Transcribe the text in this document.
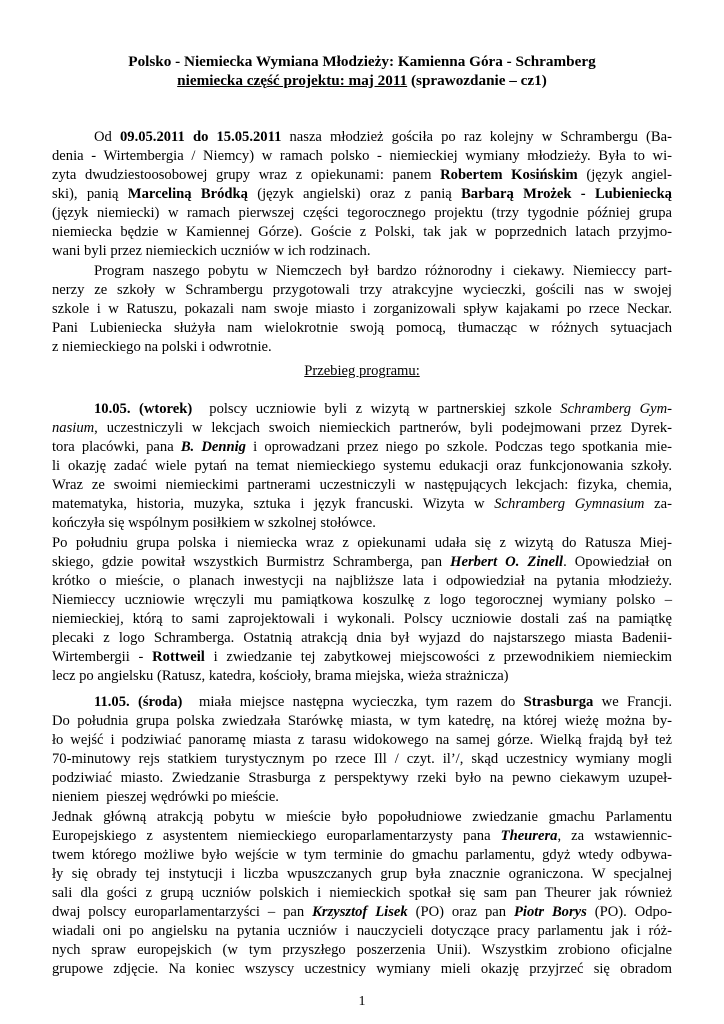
Polsko - Niemiecka Wymiana Młodzieży: Kamienna Góra - Schramberg
niemiecka część projektu: maj 2011 (sprawozdanie – cz1)
Od 09.05.2011 do 15.05.2011 nasza młodzież gościła po raz kolejny w Schrambergu (Ba-
denia - Wirtembergia / Niemcy) w ramach polsko - niemieckiej wymiany młodzieży. Była to wi-
zyta dwudziestoosobowej grupy wraz z opiekunami: panem Robertem Kosińskim (język angiel-
ski), panią Marceliną Bródką (język angielski) oraz z panią Barbarą Mrożek - Lubieniecką
(język niemiecki) w ramach pierwszej części tegorocznego projektu (trzy tygodnie później grupa
niemiecka będzie w Kamiennej Górze). Goście z Polski, tak jak w poprzednich latach przyjmo-
wani byli przez niemieckich uczniów w ich rodzinach.
Program naszego pobytu w Niemczech był bardzo różnorodny i ciekawy. Niemieccy part-
nerzy ze szkoły w Schrambergu przygotowali trzy atrakcyjne wycieczki, gościli nas w swojej
szkole i w Ratuszu, pokazali nam swoje miasto i zorganizowali spływ kajakami po rzece Neckar.
Pani Lubieniecka służyła nam wielokrotnie swoją pomocą, tłumacząc w różnych sytuacjach
z niemieckiego na polski i odwrotnie.
10.05. (wtorek)  polscy uczniowie byli z wizytą w partnerskiej szkole Schramberg Gym-
nasium, uczestniczyli w lekcjach swoich niemieckich partnerów, byli podejmowani przez Dyrek-
tora placówki, pana B. Dennig i oprowadzani przez niego po szkole. Podczas tego spotkania mie-
li okazję zadać wiele pytań na temat niemieckiego systemu edukacji oraz funkcjonowania szkoły.
Wraz ze swoimi niemieckimi partnerami uczestniczyli w następujących lekcjach: fizyka, chemia,
matematyka, historia, muzyka, sztuka i język francuski. Wizyta w Schramberg Gymnasium za-
kończyła się wspólnym posiłkiem w szkolnej stołówce.
Po południu grupa polska i niemiecka wraz z opiekunami udała się z wizytą do Ratusza Miej-
skiego, gdzie powitał wszystkich Burmistrz Schramberga, pan Herbert O. Zinell. Opowiedział on
krótko o mieście, o planach inwestycji na najbliższe lata i odpowiedział na pytania młodzieży.
Niemieccy uczniowie wręczyli mu pamiątkowa koszulkę z logo tegorocznej wymiany polsko –
niemieckiej, którą to sami zaprojektowali i wykonali. Polscy uczniowie dostali zaś na pamiątkę
plecaki z logo Schramberga. Ostatnią atrakcją dnia był wyjazd do najstarszego miasta Badenii-
Wirtembergii - Rottweil i zwiedzanie tej zabytkowej miejscowości z przewodnikiem niemieckim
lecz po angielsku (Ratusz, katedra, kościoły, brama miejska, wieża strażnicza)
11.05. (środa)  miała miejsce następna wycieczka, tym razem do Strasburga we Francji.
Do południa grupa polska zwiedzała Starówkę miasta, w tym katedrę, na której wieżę można by-
ło wejść i podziwiać panoramę miasta z tarasu widokowego na samej górze. Wielką frajdą był też
70-minutowy rejs statkiem turystycznym po rzece Ill / czyt. il’/, skąd uczestnicy wymiany mogli
podziwiać miasto. Zwiedzanie Strasburga z perspektywy rzeki było na pewno ciekawym uzupeł-
nieniem  pieszej wędrówki po mieście.
Jednak główną atrakcją pobytu w mieście było popołudniowe zwiedzanie gmachu Parlamentu
Europejskiego z asystentem niemieckiego europarlamentarzysty pana Theurera, za wstawiennic-
twem którego możliwe było wejście w tym terminie do gmachu parlamentu, gdyż wtedy odbywa-
ły się obrady tej instytucji i liczba wpuszczanych grup była znacznie ograniczona. W specjalnej
sali dla gości z grupą uczniów polskich i niemieckich spotkał się sam pan Theurer jak również
dwaj polscy europarlamentarzyści – pan Krzysztof Lisek (PO) oraz pan Piotr Borys (PO). Odpo-
wiadali oni po angielsku na pytania uczniów i nauczycieli dotyczące pracy parlamentu jak i róż-
nych spraw europejskich (w tym przyszłego poszerzenia Unii). Wszystkim zrobiono oficjalne
grupowe zdjęcie. Na koniec wszyscy uczestnicy wymiany mieli okazję przyjrzeć się obradom
Przebieg programu:
1
